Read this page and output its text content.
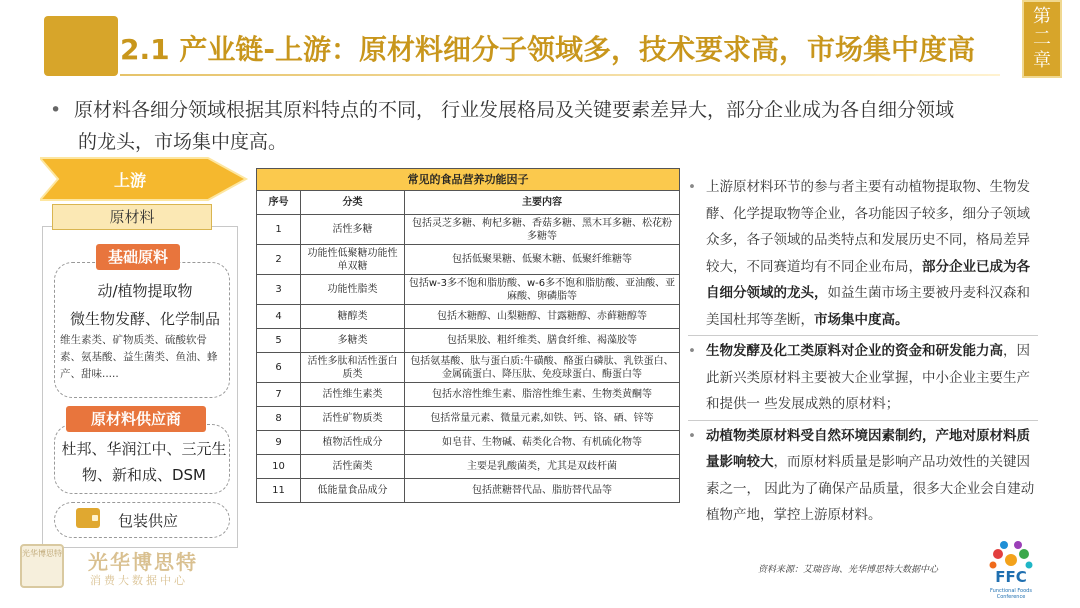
2.1 产业链-上游：原材料细分子领域多，技术要求高，市场集中度高
第
二
章
• 原材料各细分领域根据其原料特点的不同， 行业发展格局及关键要素差异大，部分企业成为各自细分领域
的龙头，市场集中度高。
上游
原材料
基础原料
动/植物提取物
微生物发酵、化学制品
维生素类、矿物质类、硫酸软骨素、氨基酸、益生菌类、鱼油、蜂产、甜味.....
原材料供应商
杜邦、华润江中、三元生物、新和成、DSM
包装供应
光华博思特 光华博思特
消费大数据中心
常见的食品营养功能因子		
序号	分类	主要内容
1	活性多糖	包括灵芝多糖、枸杞多糖、香菇多糖、黑木耳多糖、松花粉多糖等
2	功能性低聚糖功能性单双糖	包括低聚果糖、低聚木糖、低聚纤维糖等
3	功能性脂类	包括w-3多不饱和脂肪酸、w-6多不饱和脂肪酸、亚油酸、亚麻酸、卵磷脂等
4	糖醇类	包括木糖醇、山梨糖醇、甘露糖醇、赤藓糖醇等
5	多糖类	包括果胶、粗纤维类、膳食纤维、褐藻胶等
6	活性多肽和活性蛋白质类	包括氨基酸、肽与蛋白质:牛磺酸、酪蛋白磷肽、乳铁蛋白、金属硫蛋白、降压肽、免疫球蛋白、酶蛋白等
7	活性维生素类	包括水溶性维生素、脂溶性维生素、生物类黄酮等
8	活性矿物质类	包括常量元素、微量元素,如铁、钙、铬、硒、锌等
9	植物活性成分	如皂苷、生物碱、萜类化合物、有机硫化物等
10	活性菌类	主要是乳酸菌类，尤其是双歧杆菌
11	低能量食品成分	包括蔗糖替代品、脂肪替代品等
• 上游原材料环节的参与者主要有动植物提取物、生物发酵、化学提取物等企业，各功能因子较多，细分子领域众多，各子领域的品类特点和发展历史不同，格局差异较大，不同赛道均有不同企业布局，部分企业已成为各自细分领域的龙头，如益生菌市场主要被丹麦科汉森和美国杜邦等垄断，市场集中度高。
• 生物发酵及化工类原料对企业的资金和研发能力高，因此新兴类原材料主要被大企业掌握，中小企业主要生产和提供一 些发展成熟的原材料；
• 动植物类原材料受自然环境因素制约，产地对原材料质量影响较大，而原材料质量是影响产品功效性的关键因素之一， 因此为了确保产品质量，很多大企业会自建动植物产地，掌控上游原材料。
资料来源：艾瑞咨询、光华博思特大数据中心	FFC
Functional Foods Conference
